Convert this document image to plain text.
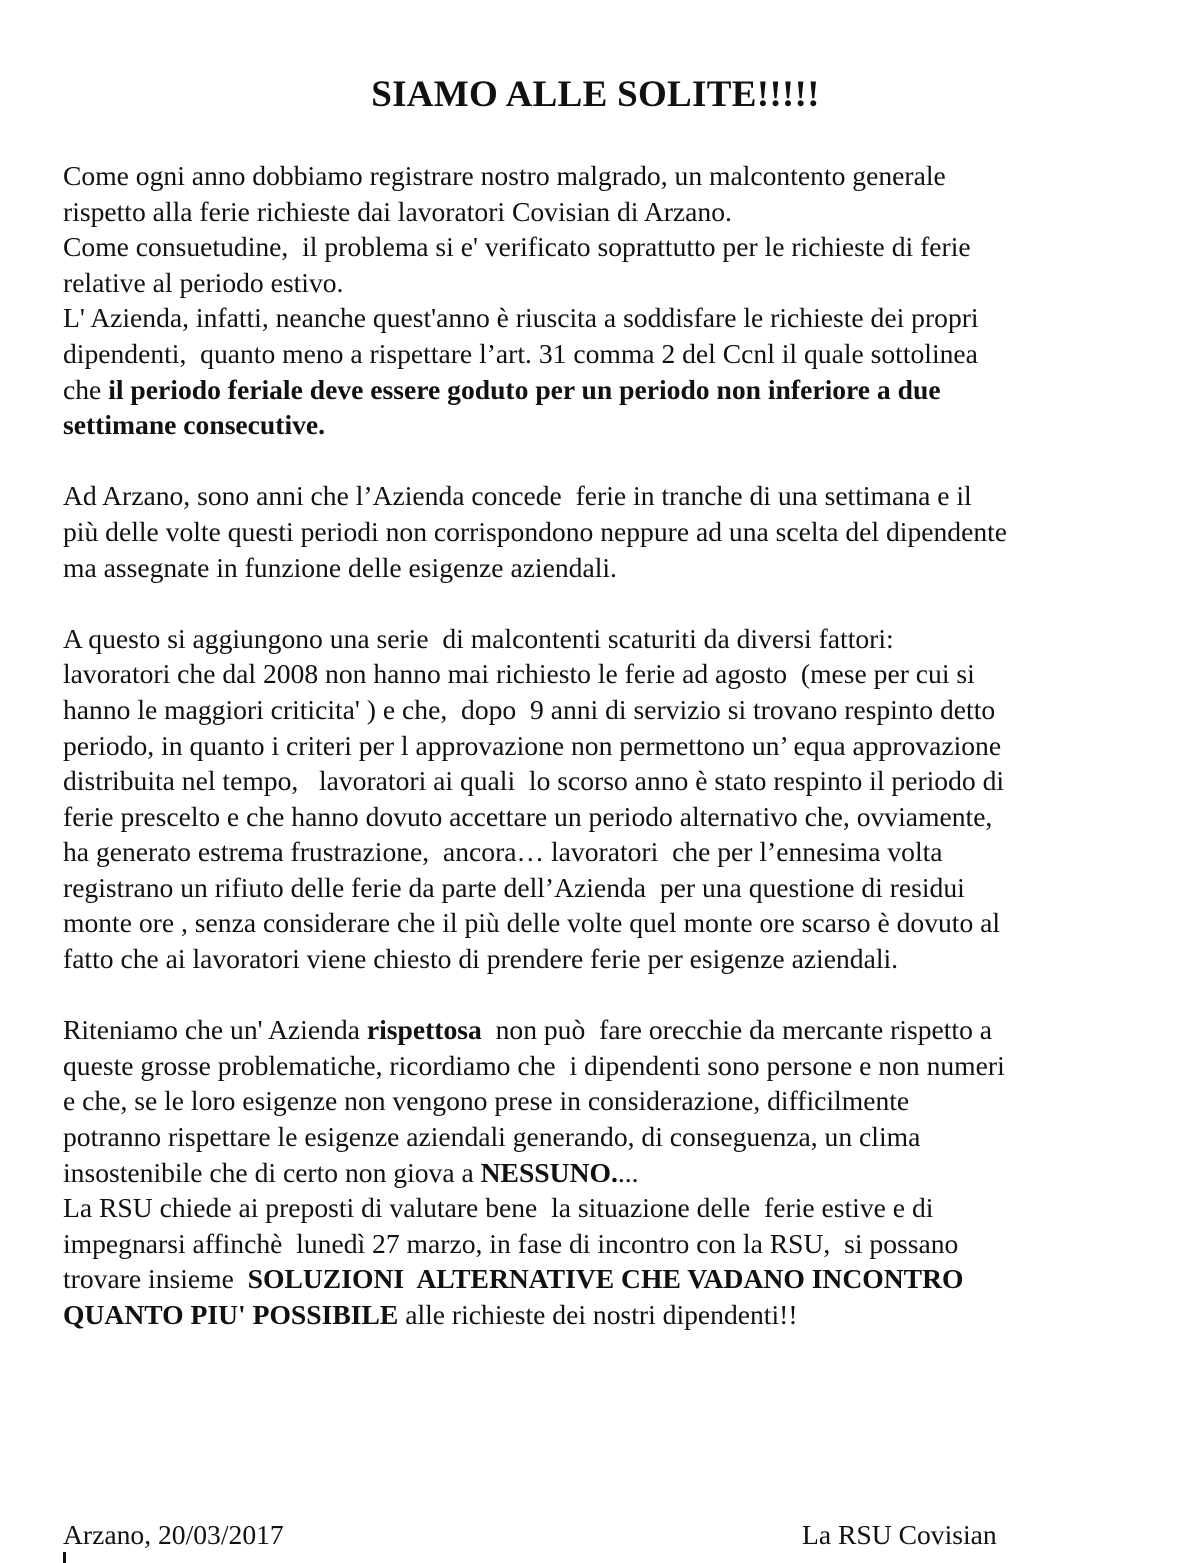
SIAMO ALLE SOLITE!!!!!

Come ogni anno dobbiamo registrare nostro malgrado, un malcontento generale
rispetto alla ferie richieste dai lavoratori Covisian di Arzano.
Come consuetudine,  il problema si e' verificato soprattutto per le richieste di ferie
relative al periodo estivo.
L' Azienda, infatti, neanche quest'anno è riuscita a soddisfare le richieste dei propri
dipendenti,  quanto meno a rispettare l’art. 31 comma 2 del Ccnl il quale sottolinea
che il periodo feriale deve essere goduto per un periodo non inferiore a due
settimane consecutive.

Ad Arzano, sono anni che l’Azienda concede  ferie in tranche di una settimana e il
più delle volte questi periodi non corrispondono neppure ad una scelta del dipendente
ma assegnate in funzione delle esigenze aziendali.

A questo si aggiungono una serie  di malcontenti scaturiti da diversi fattori:
lavoratori che dal 2008 non hanno mai richiesto le ferie ad agosto  (mese per cui si
hanno le maggiori criticita' ) e che,  dopo  9 anni di servizio si trovano respinto detto
periodo, in quanto i criteri per l approvazione non permettono un’ equa approvazione
distribuita nel tempo,   lavoratori ai quali  lo scorso anno è stato respinto il periodo di
ferie prescelto e che hanno dovuto accettare un periodo alternativo che, ovviamente,
ha generato estrema frustrazione,  ancora… lavoratori  che per l’ennesima volta
registrano un rifiuto delle ferie da parte dell’Azienda  per una questione di residui
monte ore , senza considerare che il più delle volte quel monte ore scarso è dovuto al
fatto che ai lavoratori viene chiesto di prendere ferie per esigenze aziendali.

Riteniamo che un' Azienda rispettosa  non può  fare orecchie da mercante rispetto a
queste grosse problematiche, ricordiamo che  i dipendenti sono persone e non numeri
e che, se le loro esigenze non vengono prese in considerazione, difficilmente
potranno rispettare le esigenze aziendali generando, di conseguenza, un clima
insostenibile che di certo non giova a NESSUNO....
La RSU chiede ai preposti di valutare bene  la situazione delle  ferie estive e di
impegnarsi affinchè  lunedì 27 marzo, in fase di incontro con la RSU,  si possano
trovare insieme  SOLUZIONI  ALTERNATIVE CHE VADANO INCONTRO
QUANTO PIU' POSSIBILE alle richieste dei nostri dipendenti!!

Arzano, 20/03/2017	La RSU Covisian
